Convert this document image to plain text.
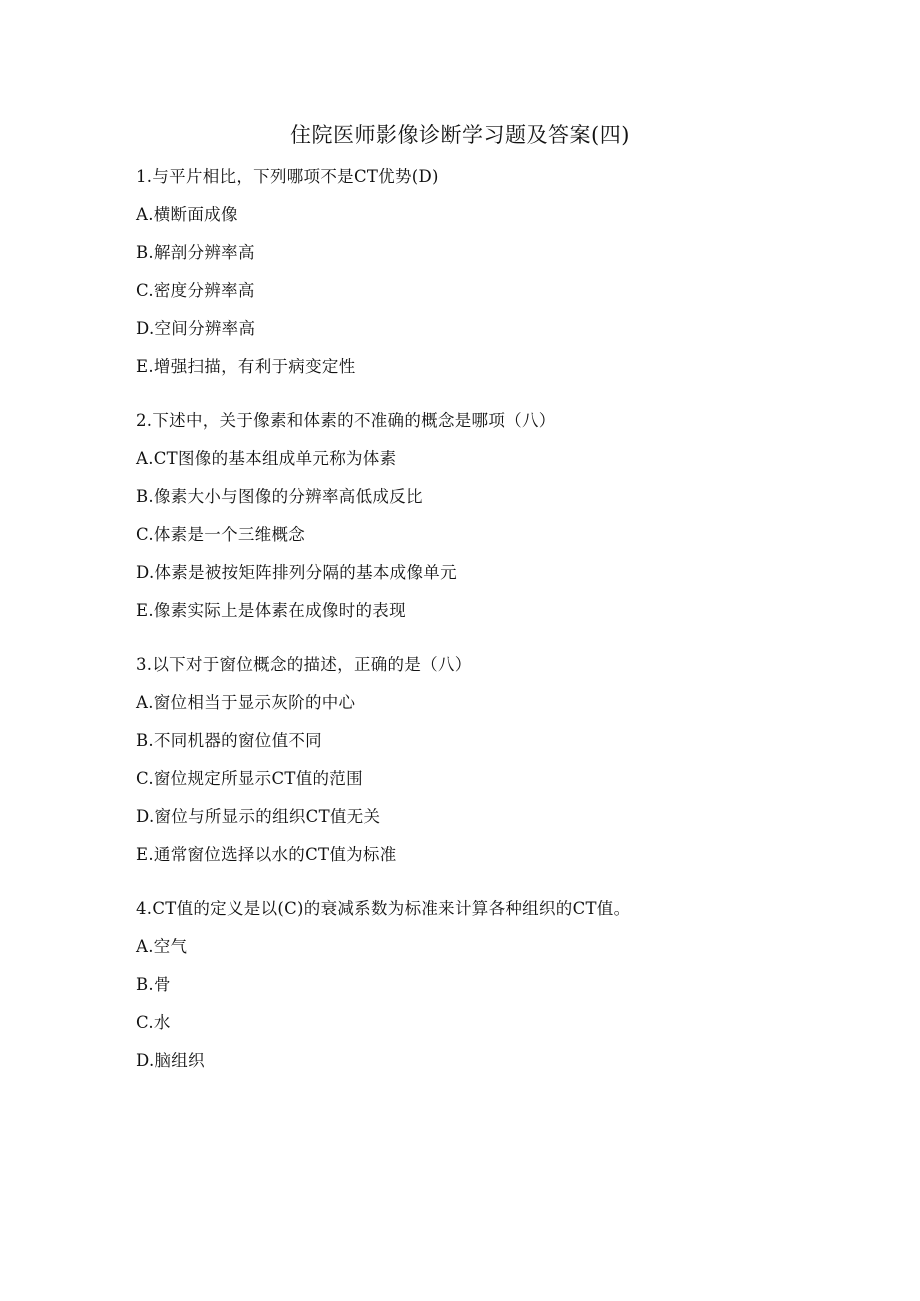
住院医师影像诊断学习题及答案(四)

1.与平片相比，下列哪项不是CT优势(D)

A.横断面成像

B.解剖分辨率高

C.密度分辨率高

D.空间分辨率高

E.增强扫描，有利于病变定性

2.下述中，关于像素和体素的不准确的概念是哪项（八）

A.CT图像的基本组成单元称为体素

B.像素大小与图像的分辨率高低成反比

C.体素是一个三维概念

D.体素是被按矩阵排列分隔的基本成像单元

E.像素实际上是体素在成像时的表现

3.以下对于窗位概念的描述，正确的是（八）

A.窗位相当于显示灰阶的中心

B.不同机器的窗位值不同

C.窗位规定所显示CT值的范围

D.窗位与所显示的组织CT值无关

E.通常窗位选择以水的CT值为标准

4.CT值的定义是以(C)的衰减系数为标准来计算各种组织的CT值。

A.空气

B.骨

C.水

D.脑组织
